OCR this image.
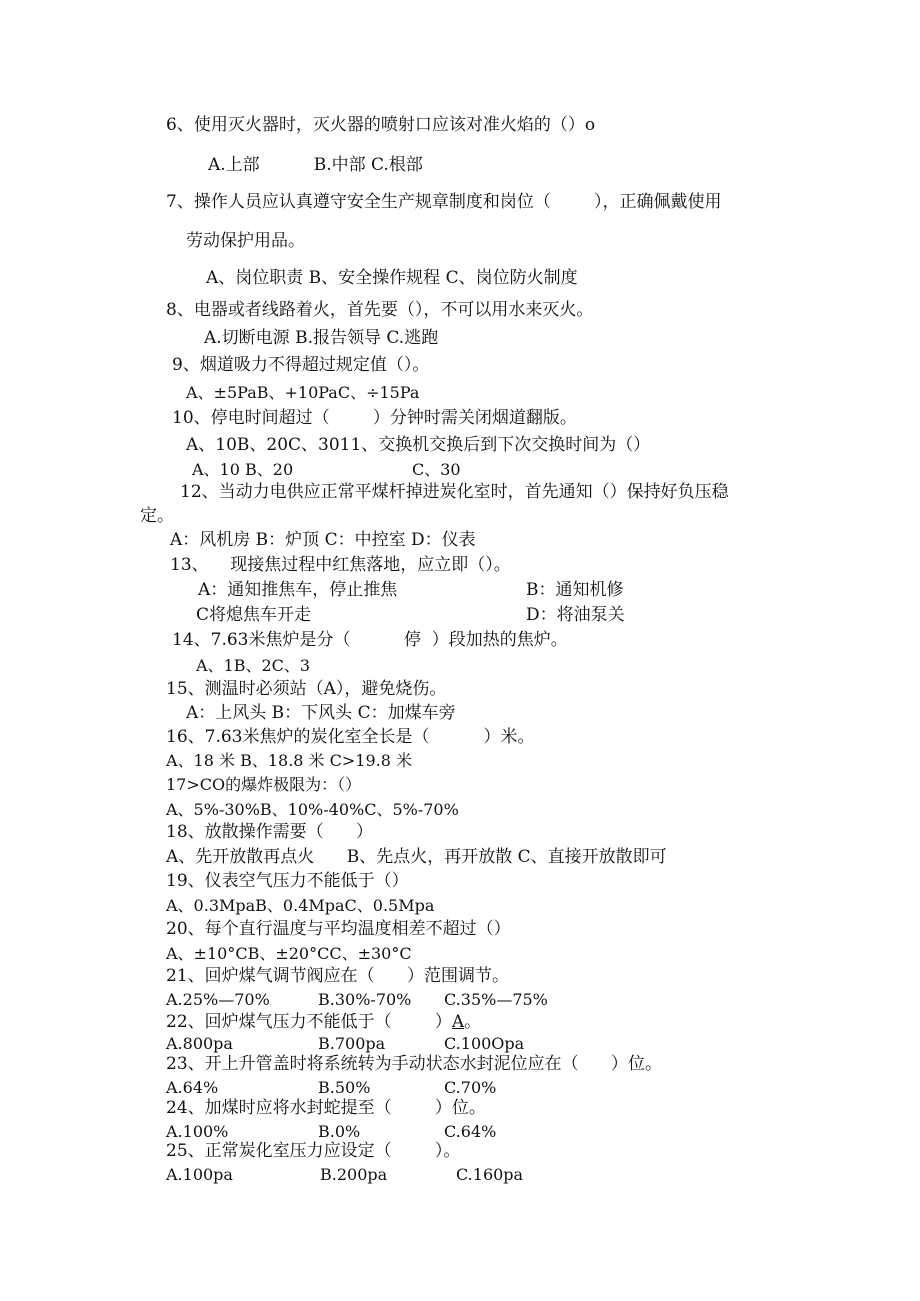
6、使用灭火器时，灭火器的喷射口应该对准火焰的（）o
A.上部          B.中部 C.根部
7、操作人员应认真遵守安全生产规章制度和岗位（        ），正确佩戴使用
劳动保护用品。
A、岗位职责 B、安全操作规程 C、岗位防火制度
8、电器或者线路着火，首先要（），不可以用水来灭火。
A.切断电源 B.报告领导 C.逃跑
9、烟道吸力不得超过规定值（）。
A、±5PaB、+10PaC、÷15Pa
10、停电时间超过（        ）分钟时需关闭烟道翻版。
A、10B、20C、3011、交换机交换后到下次交换时间为（）
A、10 B、20	C、30
12、当动力电供应正常平煤杆掉进炭化室时，首先通知（）保持好负压稳
定。
A：风机房 B：炉顶 C：中控室 D：仪表
13、    现接焦过程中红焦落地，应立即（）。
A：通知推焦车，停止推焦	B：通知机修
C将熄焦车开走	D：将油泵关
14、7.63米焦炉是分（	停  ）段加热的焦炉。
A、1B、2C、3
15、测温时必须站（A），避免烧伤。
A：上风头 B：下风头 C：加煤车旁
16、7.63米焦炉的炭化室全长是（          ）米。
A、18 米 B、18.8 米 C>19.8 米
17>CO的爆炸极限为：（）
A、5%-30%B、10%-40%C、5%-70%
18、放散操作需要（      ）
A、先开放散再点火      B、先点火，再开放散 C、直接开放散即可
19、仪表空气压力不能低于（）
A、0.3MpaB、0.4MpaC、0.5Mpa
20、每个直行温度与平均温度相差不超过（）
A、±10°CB、±20°CC、±30°C
21、回炉煤气调节阀应在（      ）范围调节。
A.25%—70%	B.30%-70% C.35%—75%
22、回炉煤气压力不能低于（        ）A。
A.800pa	B.700pa	C.100Opa
23、开上升管盖时将系统转为手动状态水封泥位应在（      ）位。
A.64%	B.50%	C.70%
24、加煤时应将水封蛇提至（        ）位。
A.100%	B.0%	C.64%
25、正常炭化室压力应设定（        ）。
A.100pa	B.200pa	C.160pa
